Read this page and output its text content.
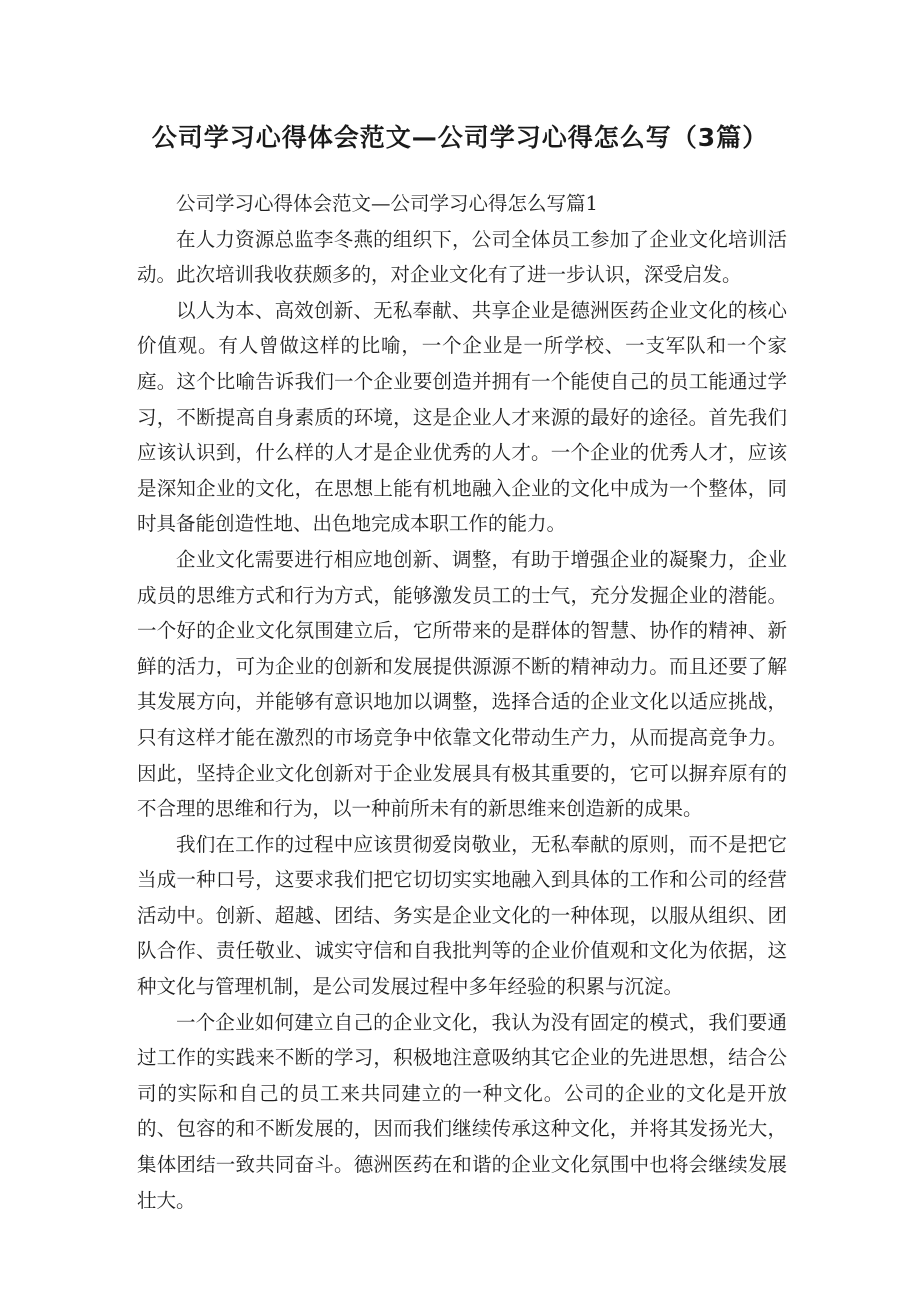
公司学习心得体会范文—公司学习心得怎么写（3篇）

公司学习心得体会范文—公司学习心得怎么写篇1

在人力资源总监李冬燕的组织下，公司全体员工参加了企业文化培训活动。此次培训我收获颇多的，对企业文化有了进一步认识，深受启发。

以人为本、高效创新、无私奉献、共享企业是德洲医药企业文化的核心价值观。有人曾做这样的比喻，一个企业是一所学校、一支军队和一个家庭。这个比喻告诉我们一个企业要创造并拥有一个能使自己的员工能通过学习，不断提高自身素质的环境，这是企业人才来源的最好的途径。首先我们应该认识到，什么样的人才是企业优秀的人才。一个企业的优秀人才，应该是深知企业的文化，在思想上能有机地融入企业的文化中成为一个整体，同时具备能创造性地、出色地完成本职工作的能力。

企业文化需要进行相应地创新、调整，有助于增强企业的凝聚力，企业成员的思维方式和行为方式，能够激发员工的士气，充分发掘企业的潜能。一个好的企业文化氛围建立后，它所带来的是群体的智慧、协作的精神、新鲜的活力，可为企业的创新和发展提供源源不断的精神动力。而且还要了解其发展方向，并能够有意识地加以调整，选择合适的企业文化以适应挑战，只有这样才能在激烈的市场竞争中依靠文化带动生产力，从而提高竞争力。因此，坚持企业文化创新对于企业发展具有极其重要的，它可以摒弃原有的不合理的思维和行为，以一种前所未有的新思维来创造新的成果。

我们在工作的过程中应该贯彻爱岗敬业，无私奉献的原则，而不是把它当成一种口号，这要求我们把它切切实实地融入到具体的工作和公司的经营活动中。创新、超越、团结、务实是企业文化的一种体现，以服从组织、团队合作、责任敬业、诚实守信和自我批判等的企业价值观和文化为依据，这种文化与管理机制，是公司发展过程中多年经验的积累与沉淀。

一个企业如何建立自己的企业文化，我认为没有固定的模式，我们要通过工作的实践来不断的学习，积极地注意吸纳其它企业的先进思想，结合公司的实际和自己的员工来共同建立的一种文化。公司的企业的文化是开放的、包容的和不断发展的，因而我们继续传承这种文化，并将其发扬光大，集体团结一致共同奋斗。德洲医药在和谐的企业文化氛围中也将会继续发展壮大。
